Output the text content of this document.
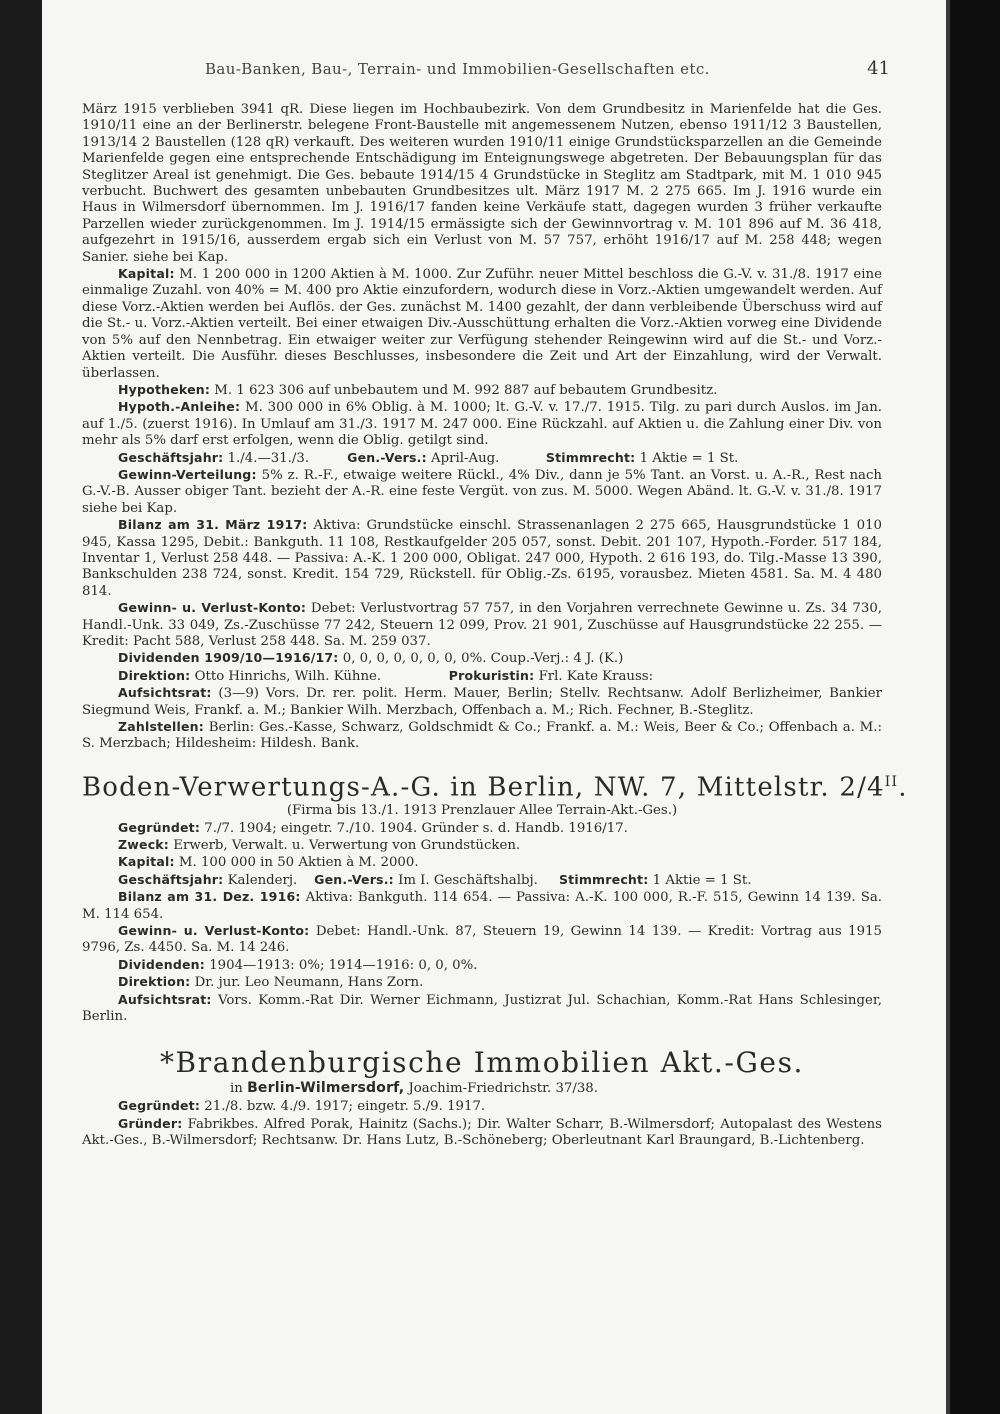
Bau-Banken, Bau-, Terrain- und Immobilien-Gesellschaften etc.	41

März 1915 verblieben 3941 qR. Diese liegen im Hochbaubezirk. Von dem Grundbesitz in Marienfelde hat die Ges. 1910/11 eine an der Berlinerstr. belegene Front-Baustelle mit angemessenem Nutzen, ebenso 1911/12 3 Baustellen, 1913/14 2 Baustellen (128 qR) verkauft. Des weiteren wurden 1910/11 einige Grundstücksparzellen an die Gemeinde Marienfelde gegen eine entsprechende Entschädigung im Enteignungswege abgetreten. Der Bebauungsplan für das Steglitzer Areal ist genehmigt. Die Ges. bebaute 1914/15 4 Grundstücke in Steglitz am Stadtpark, mit M. 1 010 945 verbucht. Buchwert des gesamten unbebauten Grundbesitzes ult. März 1917 M. 2 275 665. Im J. 1916 wurde ein Haus in Wilmersdorf übernommen. Im J. 1916/17 fanden keine Verkäufe statt, dagegen wurden 3 früher verkaufte Parzellen wieder zurückgenommen. Im J. 1914/15 ermässigte sich der Gewinnvortrag v. M. 101 896 auf M. 36 418, aufgezehrt in 1915/16, ausserdem ergab sich ein Verlust von M. 57 757, erhöht 1916/17 auf M. 258 448; wegen Sanier. siehe bei Kap.

Kapital: M. 1 200 000 in 1200 Aktien à M. 1000. Zur Zuführ. neuer Mittel beschloss die G.-V. v. 31./8. 1917 eine einmalige Zuzahl. von 40% = M. 400 pro Aktie einzufordern, wodurch diese in Vorz.-Aktien umgewandelt werden. Auf diese Vorz.-Aktien werden bei Auflös. der Ges. zunächst M. 1400 gezahlt, der dann verbleibende Überschuss wird auf die St.- u. Vorz.-Aktien verteilt. Bei einer etwaigen Div.-Ausschüttung erhalten die Vorz.-Aktien vorweg eine Dividende von 5% auf den Nennbetrag. Ein etwaiger weiter zur Verfügung stehender Reingewinn wird auf die St.- und Vorz.-Aktien verteilt. Die Ausführ. dieses Beschlusses, insbesondere die Zeit und Art der Einzahlung, wird der Verwalt. überlassen.

Hypotheken: M. 1 623 306 auf unbebautem und M. 992 887 auf bebautem Grundbesitz.

Hypoth.-Anleihe: M. 300 000 in 6% Oblig. à M. 1000; lt. G.-V. v. 17./7. 1915. Tilg. zu pari durch Auslos. im Jan. auf 1./5. (zuerst 1916). In Umlauf am 31./3. 1917 M. 247 000. Eine Rückzahl. auf Aktien u. die Zahlung einer Div. von mehr als 5% darf erst erfolgen, wenn die Oblig. getilgt sind.

Geschäftsjahr: 1./4.—31./3.	Gen.-Vers.: April-Aug.	Stimmrecht: 1 Aktie = 1 St.

Gewinn-Verteilung: 5% z. R.-F., etwaige weitere Rückl., 4% Div., dann je 5% Tant. an Vorst. u. A.-R., Rest nach G.-V.-B. Ausser obiger Tant. bezieht der A.-R. eine feste Vergüt. von zus. M. 5000. Wegen Abänd. lt. G.-V. v. 31./8. 1917 siehe bei Kap.

Bilanz am 31. März 1917: Aktiva: Grundstücke einschl. Strassenanlagen 2 275 665, Hausgrundstücke 1 010 945, Kassa 1295, Debit.: Bankguth. 11 108, Restkaufgelder 205 057, sonst. Debit. 201 107, Hypoth.-Forder. 517 184, Inventar 1, Verlust 258 448. — Passiva: A.-K. 1 200 000, Obligat. 247 000, Hypoth. 2 616 193, do. Tilg.-Masse 13 390, Bankschulden 238 724, sonst. Kredit. 154 729, Rückstell. für Oblig.-Zs. 6195, vorausbez. Mieten 4581. Sa. M. 4 480 814.

Gewinn- u. Verlust-Konto: Debet: Verlustvortrag 57 757, in den Vorjahren verrechnete Gewinne u. Zs. 34 730, Handl.-Unk. 33 049, Zs.-Zuschüsse 77 242, Steuern 12 099, Prov. 21 901, Zuschüsse auf Hausgrundstücke 22 255. — Kredit: Pacht 588, Verlust 258 448. Sa. M. 259 037.

Dividenden 1909/10—1916/17: 0, 0, 0, 0, 0, 0, 0, 0%. Coup.-Verj.: 4 J. (K.)

Direktion: Otto Hinrichs, Wilh. Kühne.	Prokuristin: Frl. Kate Krauss:

Aufsichtsrat: (3—9) Vors. Dr. rer. polit. Herm. Mauer, Berlin; Stellv. Rechtsanw. Adolf Berlizheimer, Bankier Siegmund Weis, Frankf. a. M.; Bankier Wilh. Merzbach, Offenbach a. M.; Rich. Fechner, B.-Steglitz.

Zahlstellen: Berlin: Ges.-Kasse, Schwarz, Goldschmidt & Co.; Frankf. a. M.: Weis, Beer & Co.; Offenbach a. M.: S. Merzbach; Hildesheim: Hildesh. Bank.

Boden-Verwertungs-A.-G. in Berlin, NW. 7, Mittelstr. $2/4^{II}$
(Firma bis 13./1. 1913 Prenzlauer Allee Terrain-Akt.-Ges.)

Gegründet: 7./7. 1904; eingetr. 7./10. 1904. Gründer s. d. Handb. 1916/17.

Zweck: Erwerb, Verwalt. u. Verwertung von Grundstücken.

Kapital: M. 100 000 in 50 Aktien à M. 2000.

Geschäftsjahr: Kalenderj. Gen.-Vers.: Im I. Geschäftshalbj. Stimmrecht: 1 Aktie = 1 St.

Bilanz am 31. Dez. 1916: Aktiva: Bankguth. 114 654. — Passiva: A.-K. 100 000, R.-F. 515, Gewinn 14 139. Sa. M. 114 654.

Gewinn- u. Verlust-Konto: Debet: Handl.-Unk. 87, Steuern 19, Gewinn 14 139. — Kredit: Vortrag aus 1915 9796, Zs. 4450. Sa. M. 14 246.

Dividenden: 1904—1913: 0%; 1914—1916: 0, 0, 0%.

Direktion: Dr. jur. Leo Neumann, Hans Zorn.

Aufsichtsrat: Vors. Komm.-Rat Dir. Werner Eichmann, Justizrat Jul. Schachian, Komm.-Rat Hans Schlesinger, Berlin.

*Brandenburgische Immobilien Akt.-Ges.
in Berlin-Wilmersdorf, Joachim-Friedrichstr. 37/38.

Gegründet: 21./8. bzw. 4./9. 1917; eingetr. 5./9. 1917.

Gründer: Fabrikbes. Alfred Porak, Hainitz (Sachs.); Dir. Walter Scharr, B.-Wilmersdorf; Autopalast des Westens Akt.-Ges., B.-Wilmersdorf; Rechtsanw. Dr. Hans Lutz, B.-Schöneberg; Oberleutnant Karl Braungard, B.-Lichtenberg.
